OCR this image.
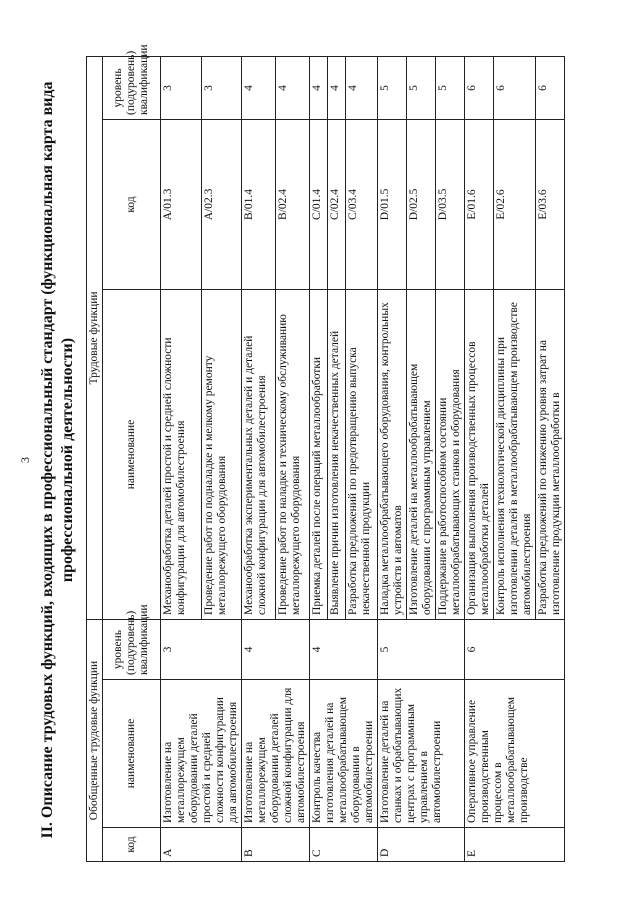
3 II. Описание трудовых функций, входящих в профессиональный стандарт (функциональная карта вида профессиональной деятельности)
Обобщенные трудовые функции			Трудовые функции		
код	наименование	уровень (подуровень) квалификации	наименование	код	уровень (подуровень) квалификации
A	Изготовление на металлорежущем оборудовании деталей простой и средней сложности конфигурации для автомобилестроения	3	Механообработка деталей простой и средней сложности конфигурации для автомобилестроения	A/01.3	3
			Проведение работ по подналадке и мелкому ремонту металлорежущего оборудования	A/02.3	3
B	Изготовление на металлорежущем оборудовании деталей сложной конфигурации для автомобилестроения	4	Механообработка экспериментальных деталей и деталей сложной конфигурации для автомобилестроения	B/01.4	4
			Проведение работ по наладке и техническому обслуживанию металлорежущего оборудования	B/02.4	4
C	Контроль качества изготовления деталей на металлообрабатывающем оборудовании в автомобилестроении	4	Приемка деталей после операций металлообработки	C/01.4	4
			Выявление причин изготовления некачественных деталей	C/02.4	4
			Разработка предложений по предотвращению выпуска некачественной продукции	C/03.4	4
D	Изготовление деталей на станках и обрабатывающих центрах с программным управлением в автомобилестроении	5	Наладка металлообрабатывающего оборудования, контрольных устройств и автоматов	D/01.5	5
			Изготовление деталей на металлообрабатывающем оборудовании с программным управлением	D/02.5	5
			Поддержание в работоспособном состоянии металлообрабатывающих станков и оборудования	D/03.5	5
E	Оперативное управление производственным процессом в металлообрабатывающем производстве	6	Организация выполнения производственных процессов металлообработки деталей	E/01.6	6
			Контроль исполнения технологической дисциплины при изготовлении деталей в металлообрабатывающем производстве автомобилестроения	E/02.6	6
			Разработка предложений по снижению уровня затрат на изготовление продукции металлообработки в	E/03.6	6
